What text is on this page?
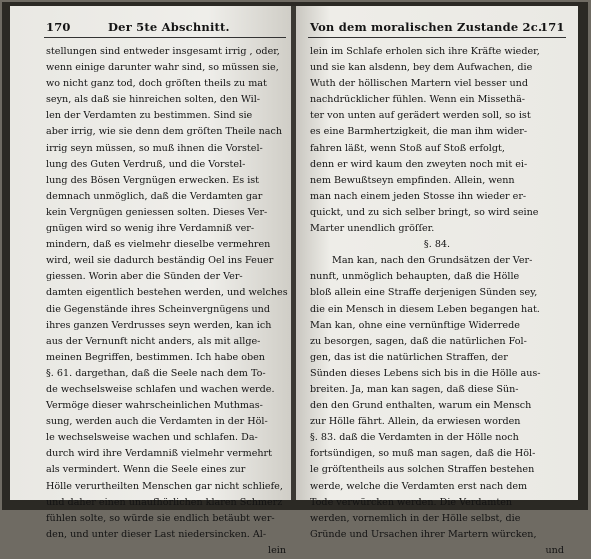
170	Der 5te Abschnitt.
stellungen sind entweder insgesamt irrig , oder,
wenn einige darunter wahr sind, so müssen sie,
wo nicht ganz tod, doch gröſten theils zu mat
seyn, als daß sie hinreichen solten, den Wil-
len der Verdamten zu bestimmen. Sind sie
aber irrig, wie sie denn dem gröſten Theile nach
irrig seyn müssen, so muß ihnen die Vorstel-
lung des Guten Verdruß, und die Vorstel-
lung des Bösen Vergnügen erwecken. Es ist
demnach unmöglich, daß die Verdamten gar
kein Vergnügen geniessen solten. Dieses Ver-
gnügen wird so wenig ihre Verdamniß ver-
mindern, daß es vielmehr dieselbe vermehren
wird, weil sie dadurch beständig Oel ins Feuer
giessen. Worin aber die Sünden der Ver-
damten eigentlich bestehen werden, und welches
die Gegenstände ihres Scheinvergnügens und
ihres ganzen Verdrusses seyn werden, kan ich
aus der Vernunft nicht anders, als mit allge-
meinen Begriffen, bestimmen. Ich habe oben
§. 61. dargethan, daß die Seele nach dem To-
de wechselsweise schlafen und wachen werde.
Vermöge dieser wahrscheinlichen Muthmas-
sung, werden auch die Verdamten in der Höl-
le wechselsweise wachen und schlafen. Da-
durch wird ihre Verdamniß vielmehr vermehrt
als vermindert. Wenn die Seele eines zur
Hölle verurtheilten Menschen gar nicht schliefe,
und daher einen unaufhörlichen klaren Schmerz
fühlen solte, so würde sie endlich betäubt wer-
den, und unter dieser Last niedersincken. Al-
lein
Von dem moralischen Zustande 2c.
171
lein im Schlafe erholen sich ihre Kräfte wieder,
und sie kan alsdenn, bey dem Aufwachen, die
Wuth der höllischen Martern viel besser und
nachdrücklicher fühlen. Wenn ein Missethä-
ter von unten auf gerädert werden soll, so ist
es eine Barmhertzigkeit, die man ihm wider-
fahren läßt, wenn Stoß auf Stoß erfolgt,
denn er wird kaum den zweyten noch mit ei-
nem Bewußtseyn empfinden. Allein, wenn
man nach einem jeden Stosse ihn wieder er-
quickt, und zu sich selber bringt, so wird seine
Marter unendlich gröſſer.
§. 84.
Man kan, nach den Grundsätzen der Ver-
nunft, unmöglich behaupten, daß die Hölle
bloß allein eine Straffe derjenigen Sünden sey,
die ein Mensch in diesem Leben begangen hat.
Man kan, ohne eine vernünftige Widerrede
zu besorgen, sagen, daß die natürlichen Fol-
gen, das ist die natürlichen Straffen, der
Sünden dieses Lebens sich bis in die Hölle aus-
breiten. Ja, man kan sagen, daß diese Sün-
den den Grund enthalten, warum ein Mensch
zur Hölle fährt. Allein, da erwiesen worden
§. 83. daß die Verdamten in der Hölle noch
fortsündigen, so muß man sagen, daß die Höl-
le gröſtentheils aus solchen Straffen bestehen
werde, welche die Verdamten erst nach dem
Tode verwürcken werden. Die Verdamten
werden, vornemlich in der Hölle selbst, die
Gründe und Ursachen ihrer Martern würcken,
und
